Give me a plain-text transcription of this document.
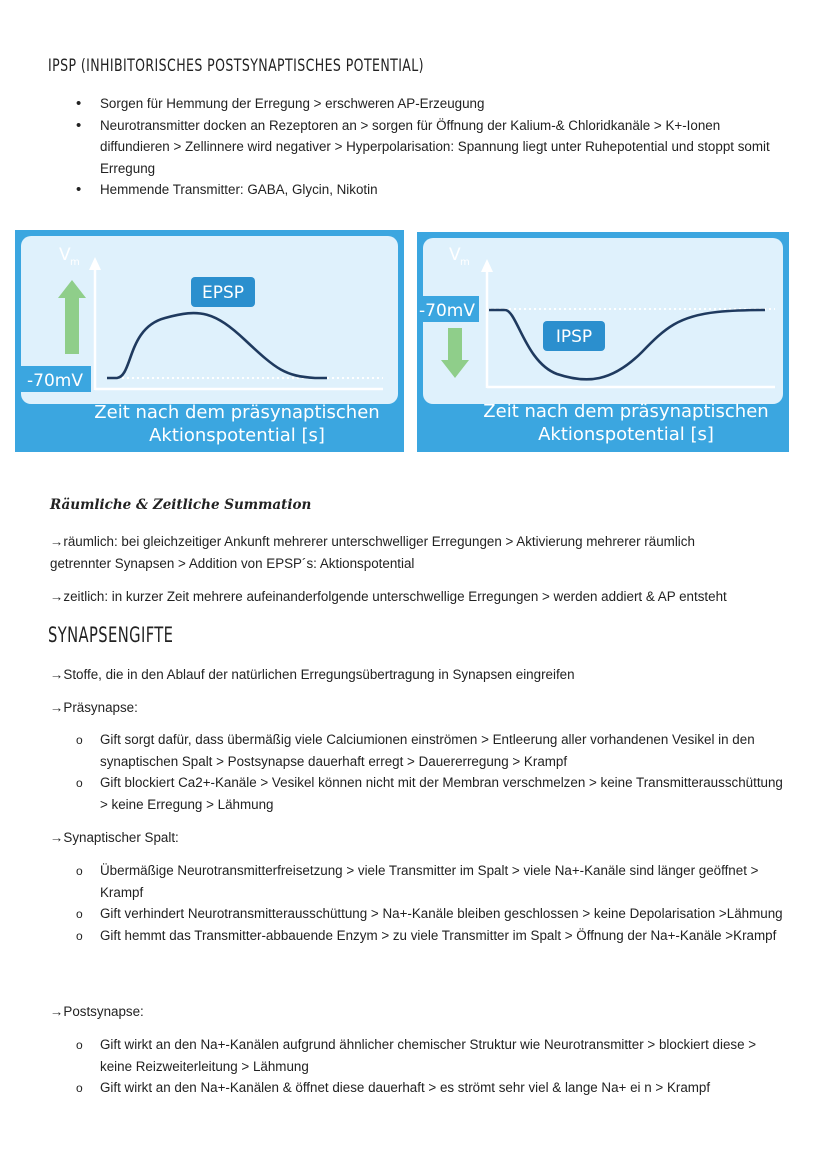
IPSP (INHIBITORISCHES POSTSYNAPTISCHES POTENTIAL)
•
Sorgen für Hemmung der Erregung > erschweren AP-Erzeugung
•
Neurotransmitter docken an Rezeptoren an > sorgen für Öffnung der Kalium-& Chloridkanäle > K+-Ionen diffundieren > Zellinnere wird negativer > Hyperpolarisation: Spannung liegt unter Ruhepotential und stoppt somit Erregung
•
Hemmende Transmitter: GABA, Glycin, Nikotin
V m
-70mV
EPSP
Zeit nach dem präsynaptischen
Aktionspotential [s]
V m
-70mV
IPSP
Zeit nach dem präsynaptischen
Aktionspotential [s]
Räumliche & Zeitliche Summation
→räumlich: bei gleichzeitiger Ankunft mehrerer unterschwelliger Erregungen > Aktivierung mehrerer räumlich
getrennter Synapsen > Addition von EPSP´s: Aktionspotential
→zeitlich: in kurzer Zeit mehrere aufeinanderfolgende unterschwellige Erregungen > werden addiert & AP entsteht
SYNAPSENGIFTE
→Stoffe, die in den Ablauf der natürlichen Erregungsübertragung in Synapsen eingreifen
→Präsynapse:
o
Gift sorgt dafür, dass übermäßig viele Calciumionen einströmen > Entleerung aller vorhandenen Vesikel in den synaptischen Spalt > Postsynapse dauerhaft erregt > Dauererregung > Krampf
o
Gift blockiert Ca2+-Kanäle > Vesikel können nicht mit der Membran verschmelzen > keine Transmitterausschüttung > keine Erregung > Lähmung
→Synaptischer Spalt:
o
Übermäßige Neurotransmitterfreisetzung > viele Transmitter im Spalt > viele Na+-Kanäle sind länger geöffnet > Krampf
o
Gift verhindert Neurotransmitterausschüttung > Na+-Kanäle bleiben geschlossen > keine Depolarisation >Lähmung
o
Gift hemmt das Transmitter-abbauende Enzym > zu viele Transmitter im Spalt > Öffnung der Na+-Kanäle >Krampf
→Postsynapse:
o
Gift wirkt an den Na+-Kanälen aufgrund ähnlicher chemischer Struktur wie Neurotransmitter > blockiert diese > keine Reizweiterleitung > Lähmung
o
Gift wirkt an den Na+-Kanälen & öffnet diese dauerhaft > es strömt sehr viel & lange Na+ ei n > Krampf
